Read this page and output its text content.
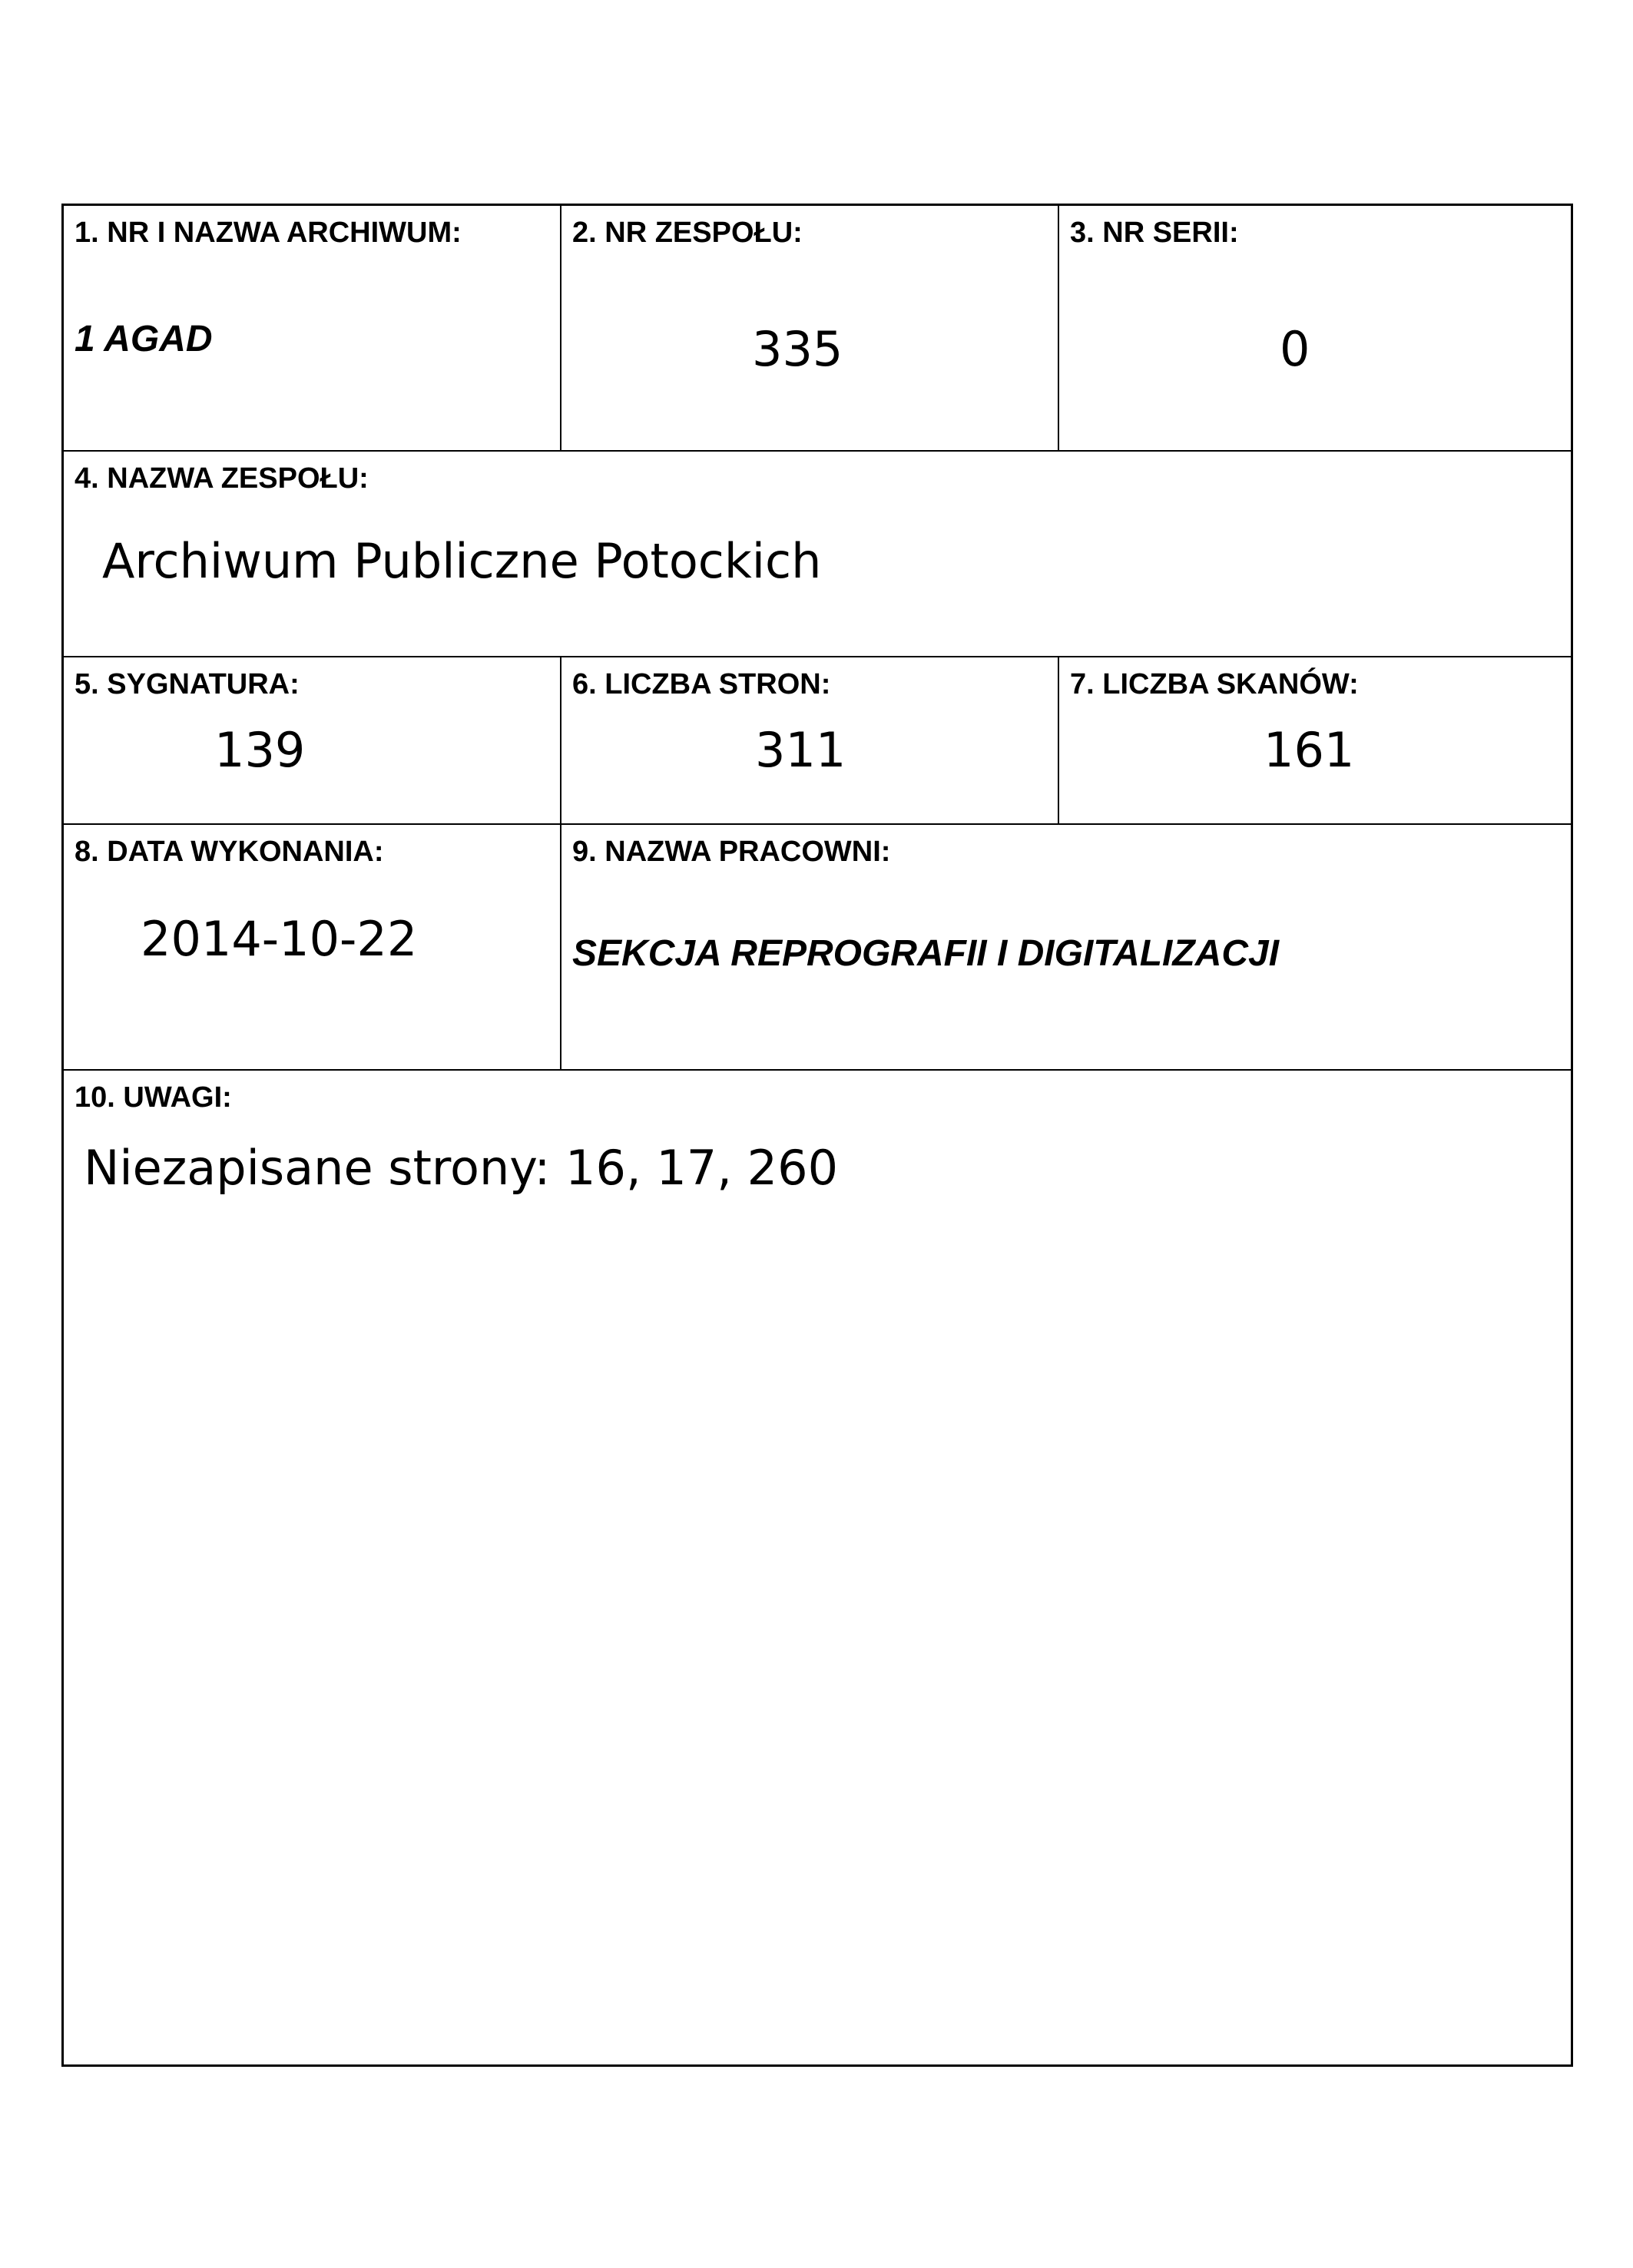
1. NR I NAZWA ARCHIWUM:
1 AGAD
2. NR ZESPOŁU:
335
3. NR SERII:
0
4. NAZWA ZESPOŁU:
Archiwum Publiczne Potockich
5. SYGNATURA:
139
6. LICZBA STRON:
311
7. LICZBA SKANÓW:
161
8. DATA WYKONANIA:
2014-10-22
9. NAZWA PRACOWNI:
SEKCJA REPROGRAFII I DIGITALIZACJI
10. UWAGI:
Niezapisane strony: 16, 17, 260
